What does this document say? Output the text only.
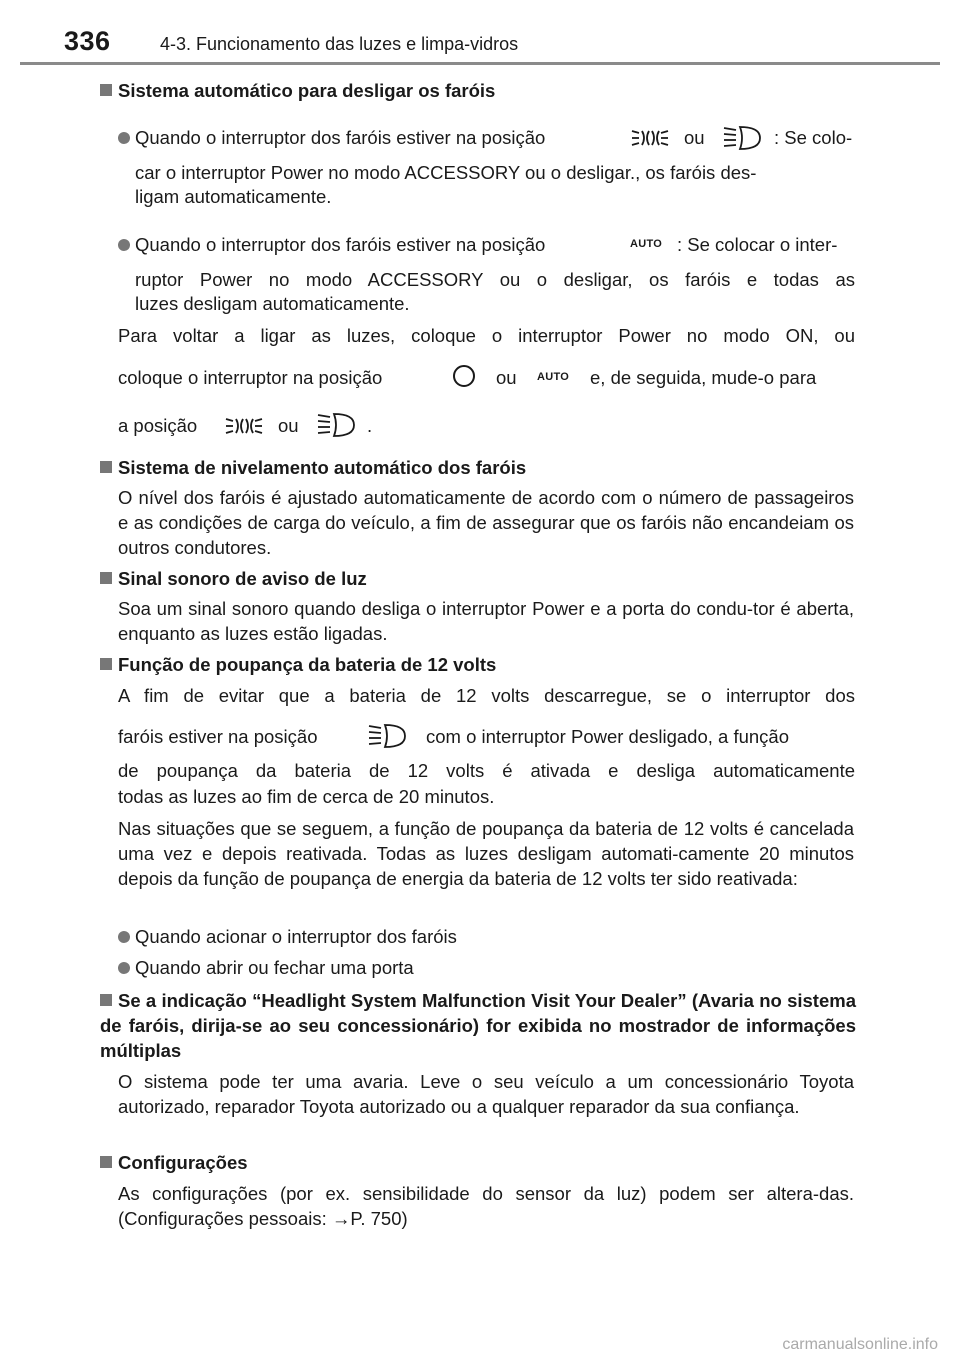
336	4-3. Funcionamento das luzes e limpa-vidros
Sistema automático para desligar os faróis
Quando o interruptor dos faróis estiver na posição	ou	: Se colo-
car o interruptor Power no modo ACCESSORY ou o desligar., os faróis des-
ligam automaticamente.
Quando o interruptor dos faróis estiver na posição	AUTO : Se colocar o inter-
ruptor Power no modo ACCESSORY ou o desligar, os faróis e todas as
luzes desligam automaticamente.
Para voltar a ligar as luzes, coloque o interruptor Power no modo ON, ou
coloque o interruptor na posição	ou AUTO e, de seguida, mude-o para
a posição	ou	.
Sistema de nivelamento automático dos faróis
O nível dos faróis é ajustado automaticamente de acordo com o número de passageiros e as condições de carga do veículo, a fim de assegurar que os faróis não encandeiam os outros condutores.
Sinal sonoro de aviso de luz
Soa um sinal sonoro quando desliga o interruptor Power e a porta do condu-tor é aberta, enquanto as luzes estão ligadas.
Função de poupança da bateria de 12 volts
A fim de evitar que a bateria de 12 volts descarregue, se o interruptor dos
faróis estiver na posição	com o interruptor Power desligado, a função
de poupança da bateria de 12 volts é ativada e desliga automaticamente
todas as luzes ao fim de cerca de 20 minutos.
Nas situações que se seguem, a função de poupança da bateria de 12 volts é cancelada uma vez e depois reativada. Todas as luzes desligam automati-camente 20 minutos depois da função de poupança de energia da bateria de 12 volts ter sido reativada:
Quando acionar o interruptor dos faróis
Quando abrir ou fechar uma porta
Se a indicação “Headlight System Malfunction Visit Your Dealer” (Avaria no sistema de faróis, dirija-se ao seu concessionário) for exibida no mostrador de informações múltiplas
O sistema pode ter uma avaria. Leve o seu veículo a um concessionário Toyota autorizado, reparador Toyota autorizado ou a qualquer reparador da sua confiança.
Configurações
As configurações (por ex. sensibilidade do sensor da luz) podem ser altera-das. (Configurações pessoais: →P. 750)
carmanualsonline.info
